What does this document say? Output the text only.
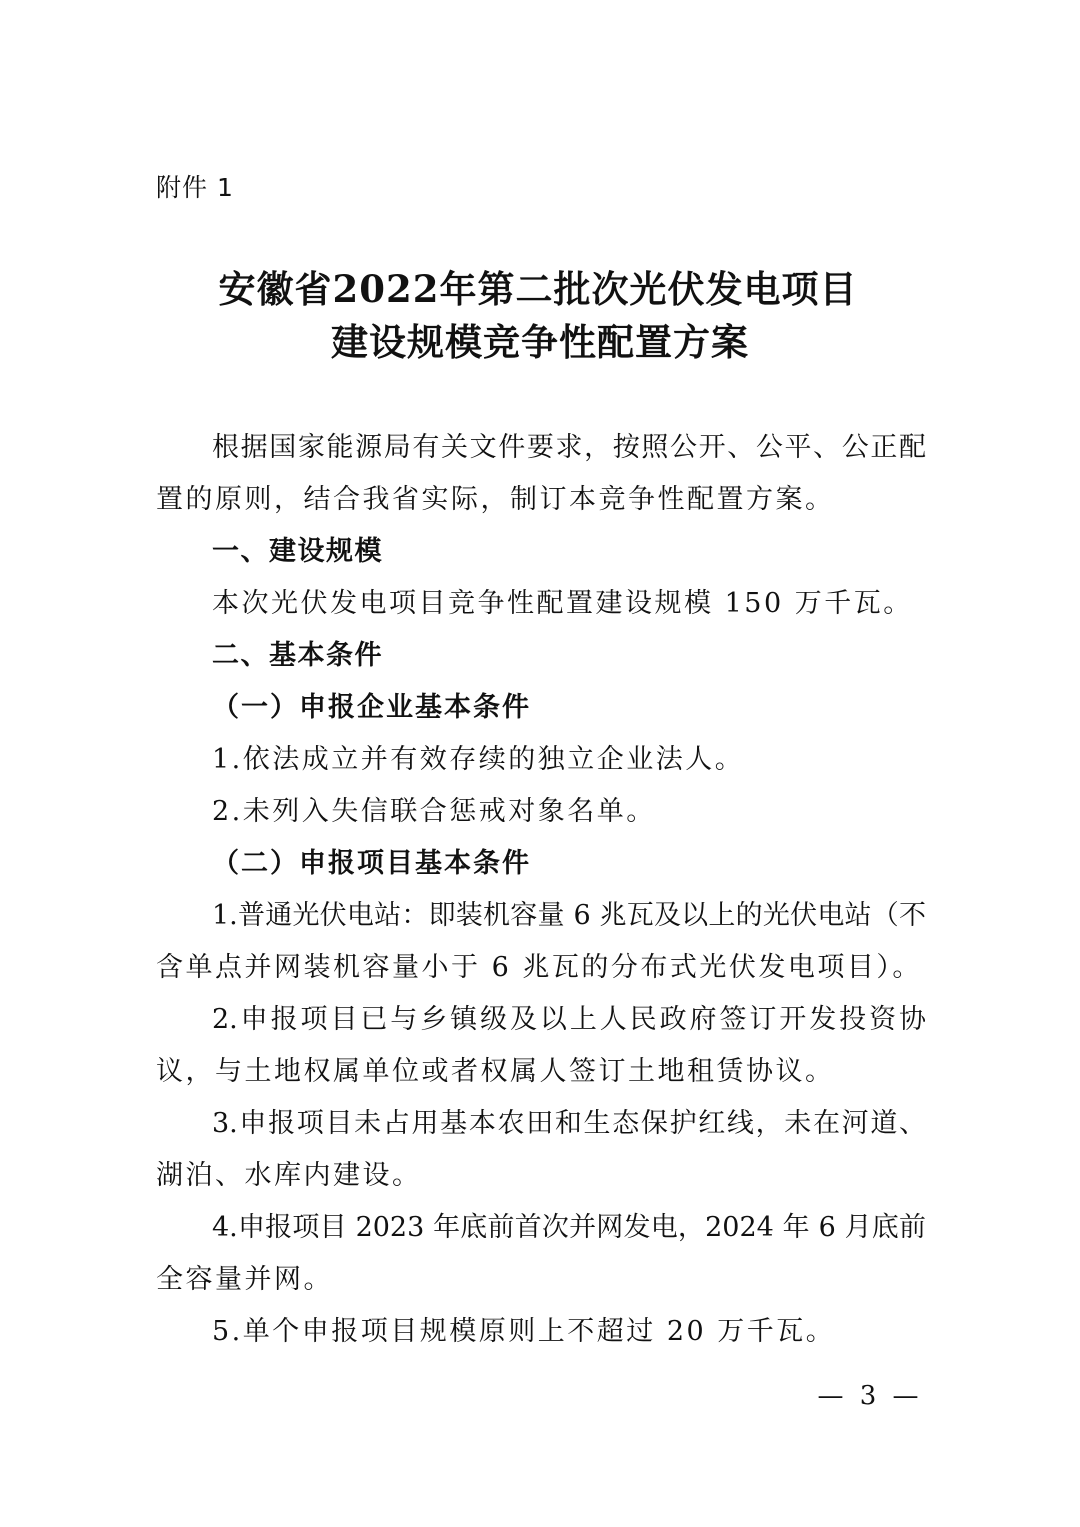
附件 1
安徽省2022年第二批次光伏发电项目
建设规模竞争性配置方案
根据国家能源局有关文件要求，按照公开、公平、公正配
置的原则，结合我省实际，制订本竞争性配置方案。
一、建设规模
本次光伏发电项目竞争性配置建设规模 150 万千瓦。
二、基本条件
（一）申报企业基本条件
1.依法成立并有效存续的独立企业法人。
2.未列入失信联合惩戒对象名单。
（二）申报项目基本条件
1.普通光伏电站：即装机容量 6 兆瓦及以上的光伏电站（不
含单点并网装机容量小于 6 兆瓦的分布式光伏发电项目）。
2.申报项目已与乡镇级及以上人民政府签订开发投资协
议，与土地权属单位或者权属人签订土地租赁协议。
3.申报项目未占用基本农田和生态保护红线，未在河道、
湖泊、水库内建设。
4.申报项目 2023 年底前首次并网发电，2024 年 6 月底前
全容量并网。
5.单个申报项目规模原则上不超过 20 万千瓦。
— 3 —
